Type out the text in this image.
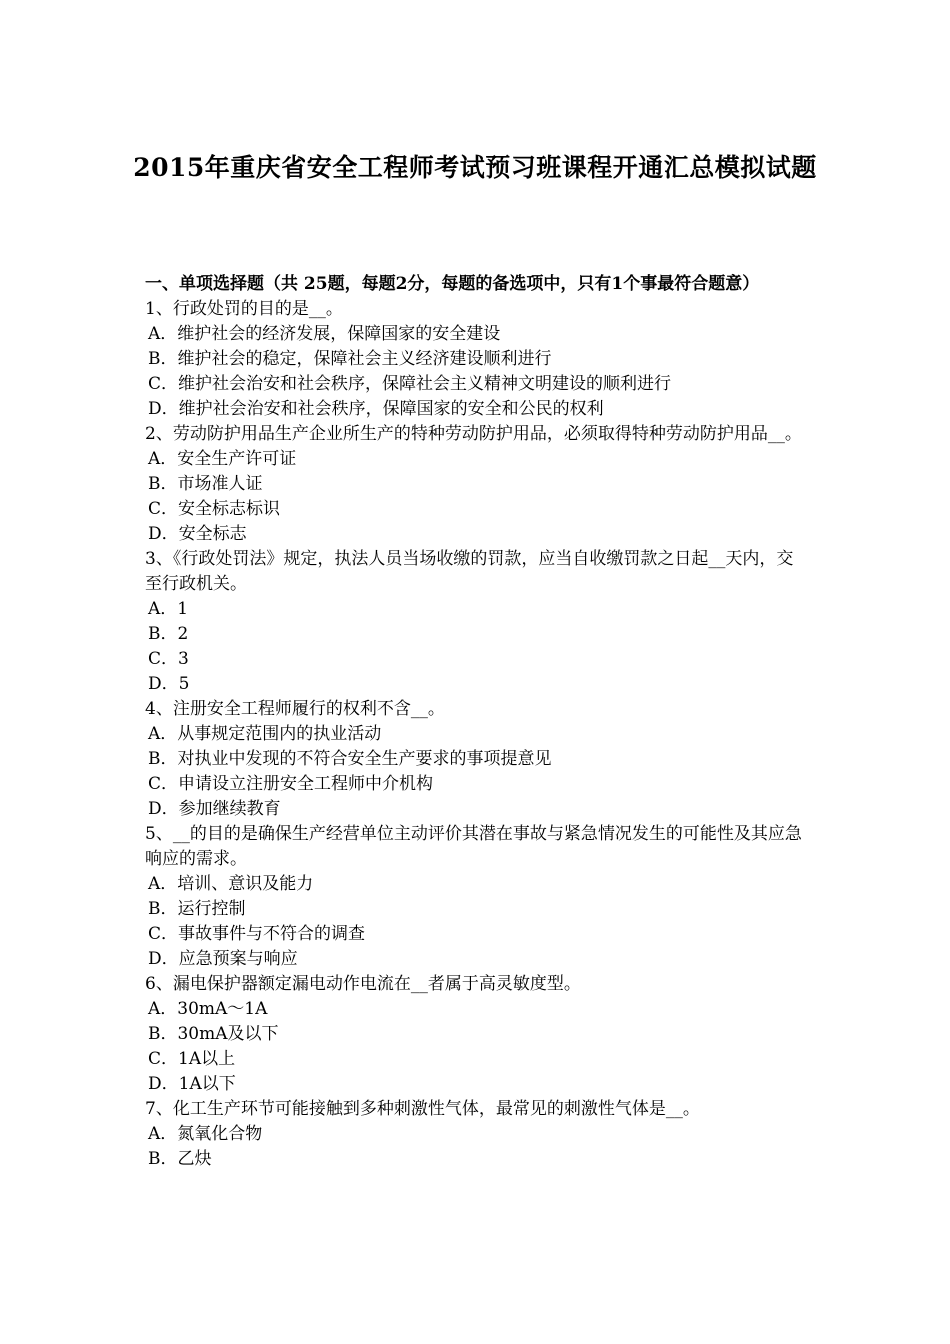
2015年重庆省安全工程师考试预习班课程开通汇总模拟试题

一、单项选择题（共 25题，每题2分，每题的备选项中，只有1个事最符合题意）

1、行政处罚的目的是__。

A．维护社会的经济发展，保障国家的安全建设

B．维护社会的稳定，保障社会主义经济建设顺利进行

C．维护社会治安和社会秩序，保障社会主义精神文明建设的顺利进行

D．维护社会治安和社会秩序，保障国家的安全和公民的权利

2、劳动防护用品生产企业所生产的特种劳动防护用品，必须取得特种劳动防护用品__。

A．安全生产许可证

B．市场准人证

C．安全标志标识

D．安全标志

3、《行政处罚法》规定，执法人员当场收缴的罚款，应当自收缴罚款之日起__天内，交至行政机关。

A．1

B．2

C．3

D．5

4、注册安全工程师履行的权利不含__。

A．从事规定范围内的执业活动

B．对执业中发现的不符合安全生产要求的事项提意见

C．申请设立注册安全工程师中介机构

D．参加继续教育

5、__的目的是确保生产经营单位主动评价其潜在事故与紧急情况发生的可能性及其应急响应的需求。

A．培训、意识及能力

B．运行控制

C．事故事件与不符合的调查

D．应急预案与响应

6、漏电保护器额定漏电动作电流在__者属于高灵敏度型。

A．30mA～1A

B．30mA及以下

C．1A以上

D．1A以下

7、化工生产环节可能接触到多种刺激性气体，最常见的刺激性气体是__。

A．氮氧化合物

B．乙炔
